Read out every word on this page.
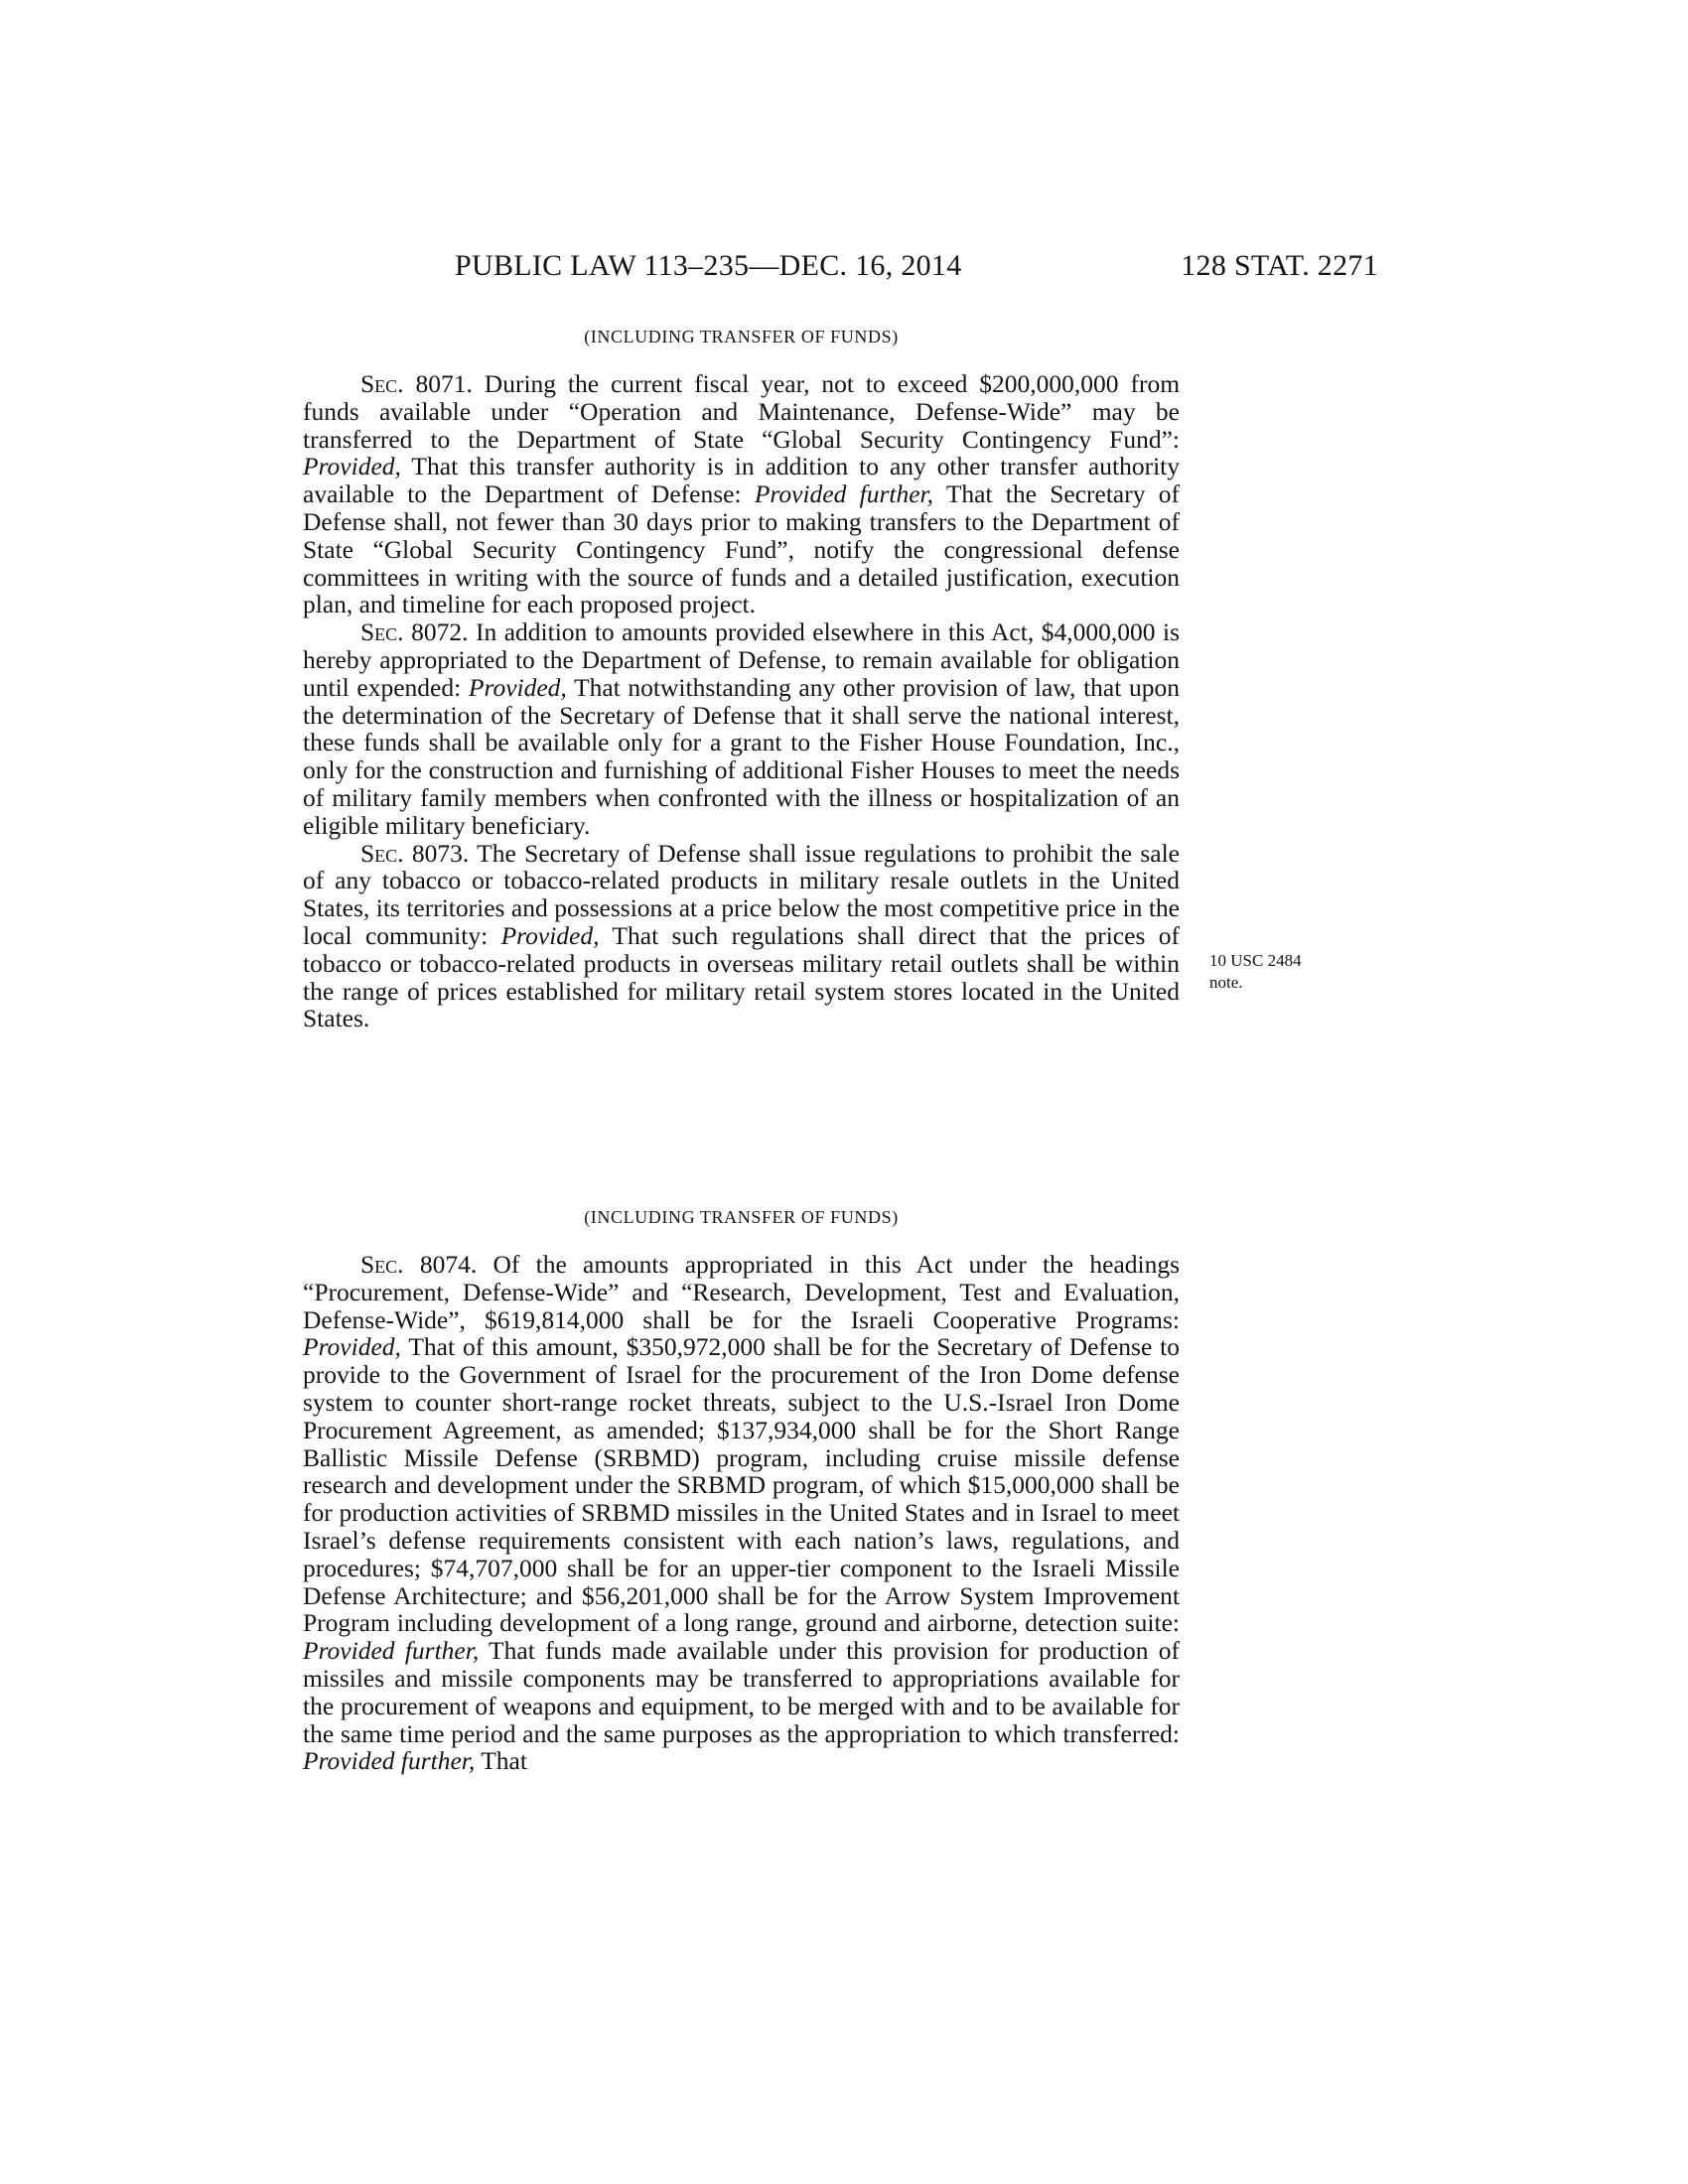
PUBLIC LAW 113–235—DEC. 16, 2014	128 STAT. 2271
(INCLUDING TRANSFER OF FUNDS)

Sec. 8071. During the current fiscal year, not to exceed $200,000,000 from funds available under “Operation and Maintenance, Defense-Wide” may be transferred to the Department of State “Global Security Contingency Fund”: Provided, That this transfer authority is in addition to any other transfer authority available to the Department of Defense: Provided further, That the Secretary of Defense shall, not fewer than 30 days prior to making transfers to the Department of State “Global Security Contingency Fund”, notify the congressional defense committees in writing with the source of funds and a detailed justification, execution plan, and timeline for each proposed project.

Sec. 8072. In addition to amounts provided elsewhere in this Act, $4,000,000 is hereby appropriated to the Department of Defense, to remain available for obligation until expended: Provided, That notwithstanding any other provision of law, that upon the determination of the Secretary of Defense that it shall serve the national interest, these funds shall be available only for a grant to the Fisher House Foundation, Inc., only for the construction and furnishing of additional Fisher Houses to meet the needs of military family members when confronted with the illness or hospitalization of an eligible military beneficiary.

Sec. 8073. The Secretary of Defense shall issue regulations to prohibit the sale of any tobacco or tobacco-related products in military resale outlets in the United States, its territories and possessions at a price below the most competitive price in the local community: Provided, That such regulations shall direct that the prices of tobacco or tobacco-related products in overseas military retail outlets shall be within the range of prices established for military retail system stores located in the United States.

10 USC 2484
note.
(INCLUDING TRANSFER OF FUNDS)

Sec. 8074. Of the amounts appropriated in this Act under the headings “Procurement, Defense-Wide” and “Research, Development, Test and Evaluation, Defense-Wide”, $619,814,000 shall be for the Israeli Cooperative Programs: Provided, That of this amount, $350,972,000 shall be for the Secretary of Defense to provide to the Government of Israel for the procurement of the Iron Dome defense system to counter short-range rocket threats, subject to the U.S.-Israel Iron Dome Procurement Agreement, as amended; $137,934,000 shall be for the Short Range Ballistic Missile Defense (SRBMD) program, including cruise missile defense research and development under the SRBMD program, of which $15,000,000 shall be for production activities of SRBMD missiles in the United States and in Israel to meet Israel’s defense requirements consistent with each nation’s laws, regulations, and procedures; $74,707,000 shall be for an upper-tier component to the Israeli Missile Defense Architecture; and $56,201,000 shall be for the Arrow System Improvement Program including development of a long range, ground and airborne, detection suite: Provided further, That funds made available under this provision for production of missiles and missile components may be transferred to appropriations available for the procurement of weapons and equipment, to be merged with and to be available for the same time period and the same purposes as the appropriation to which transferred: Provided further, That
